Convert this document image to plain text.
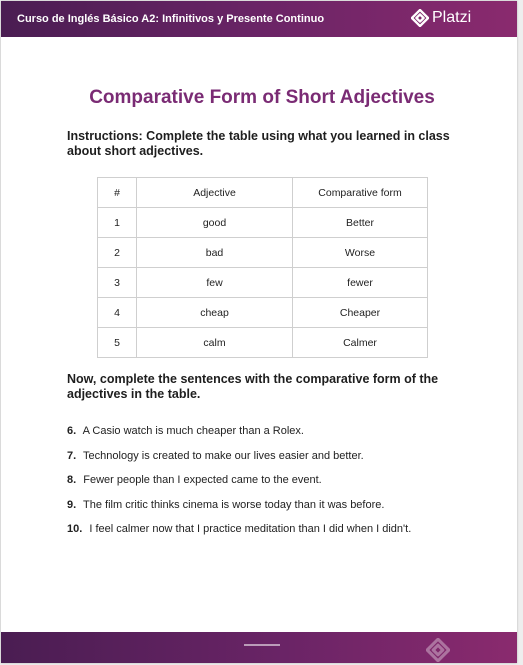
Curso de Inglés Básico A2: Infinitivos y Presente Continuo	Platzi
Comparative Form of Short Adjectives
Instructions: Complete the table using what you learned in class about short adjectives.
#	Adjective	Comparative form
1	good	Better
2	bad	Worse
3	few	fewer
4	cheap	Cheaper
5	calm	Calmer
Now, complete the sentences with the comparative form of the adjectives in the table.
6. A Casio watch is much cheaper than a Rolex.
7. Technology is created to make our lives easier and better.
8. Fewer people than I expected came to the event.
9. The film critic thinks cinema is worse today than it was before.
10. I feel calmer now that I practice meditation than I did when I didn't.
